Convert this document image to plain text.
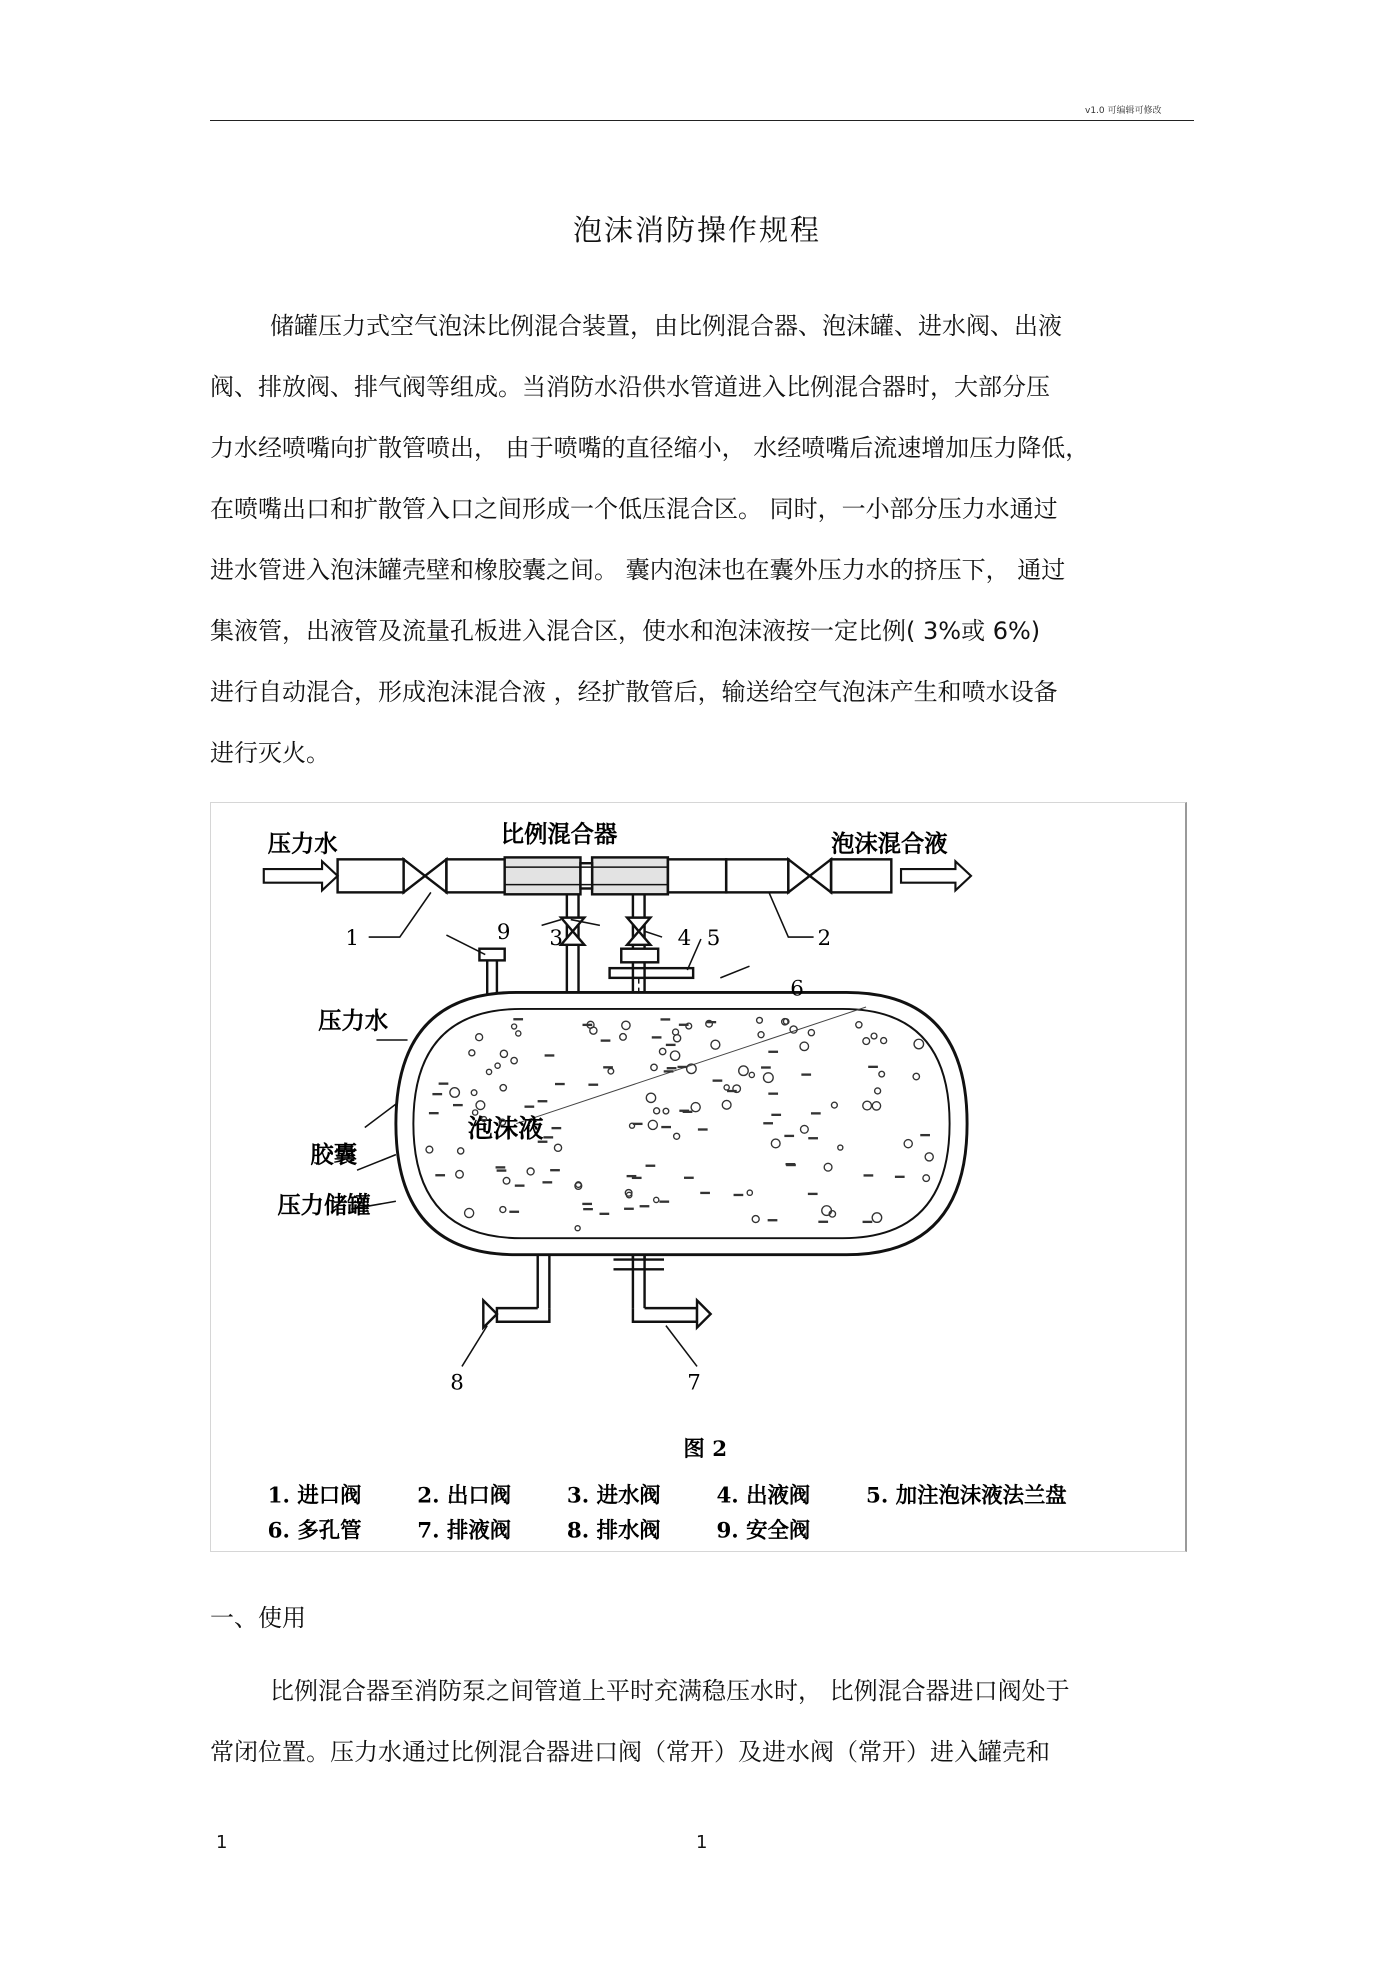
v1.0 可编辑可修改
泡沫消防操作规程
储罐压力式空气泡沫比例混合装置，由比例混合器、泡沫罐、进水阀、出液
阀、排放阀、排气阀等组成。当消防水沿供水管道进入比例混合器时，大部分压
力水经喷嘴向扩散管喷出， 由于喷嘴的直径缩小， 水经喷嘴后流速增加压力降低，
在喷嘴出口和扩散管入口之间形成一个低压混合区。 同时，一小部分压力水通过
进水管进入泡沫罐壳壁和橡胶囊之间。 囊内泡沫也在囊外压力水的挤压下， 通过
集液管，出液管及流量孔板进入混合区，使水和泡沫液按一定比例( 3%或 6%)
进行自动混合，形成泡沫混合液 ，经扩散管后，输送给空气泡沫产生和喷水设备
进行灭火。
压力水	比例混合器	泡沫混合液
压力水
泡沫液
胶囊
压力储罐
1	2
3	4 5
6
7
8
9
图 2
1. 进口阀	2. 出口阀	3. 进水阀	4. 出液阀	5. 加注泡沫液法兰盘
6. 多孔管	7. 排液阀	8. 排水阀	9. 安全阀
一、使用
比例混合器至消防泵之间管道上平时充满稳压水时， 比例混合器进口阀处于
常闭位置。压力水通过比例混合器进口阀（常开）及进水阀（常开）进入罐壳和
1	1
